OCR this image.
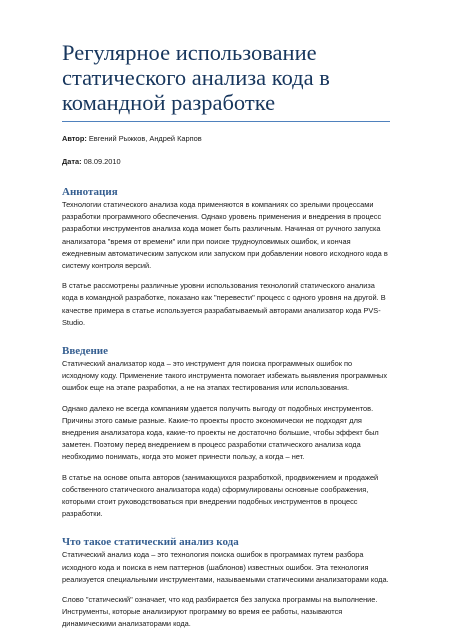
Регулярное использование
статического анализа кода в
командной разработке
Автор: Евгений Рыжков, Андрей Карпов
Дата: 08.09.2010
Аннотация

Технологии статического анализа кода применяются в компаниях со зрелыми процессами разработки программного обеспечения. Однако уровень применения и внедрения в процесс разработки инструментов анализа кода может быть различным. Начиная от ручного запуска анализатора "время от времени" или при поиске трудноуловимых ошибок, и кончая ежедневным автоматическим запуском или запуском при добавлении нового исходного кода в систему контроля версий.

В статье рассмотрены различные уровни использования технологий статического анализа кода в командной разработке, показано как "перевести" процесс с одного уровня на другой. В качестве примера в статье используется разрабатываемый авторами анализатор кода PVS-Studio.

Введение

Статический анализатор кода – это инструмент для поиска программных ошибок по исходному коду. Применение такого инструмента помогает избежать выявления программных ошибок еще на этапе разработки, а не на этапах тестирования или использования.

Однако далеко не всегда компаниям удается получить выгоду от подобных инструментов. Причины этого самые разные. Какие-то проекты просто экономически не подходят для внедрения анализатора кода, какие-то проекты не достаточно большие, чтобы эффект был заметен. Поэтому перед внедрением в процесс разработки статического анализа кода необходимо понимать, когда это может принести пользу, а когда – нет.

В статье на основе опыта авторов (занимающихся разработкой, продвижением и продажей собственного статического анализатора кода) сформулированы основные соображения, которыми стоит руководствоваться при внедрении подобных инструментов в процесс разработки.

Что такое статический анализ кода

Статический анализ кода – это технология поиска ошибок в программах путем разбора исходного кода и поиска в нем паттернов (шаблонов) известных ошибок. Эта технология реализуется специальными инструментами, называемыми статическими анализаторами кода.

Слово "статический" означает, что код разбирается без запуска программы на выполнение. Инструменты, которые анализируют программу во время ее работы, называются динамическими анализаторами кода.
